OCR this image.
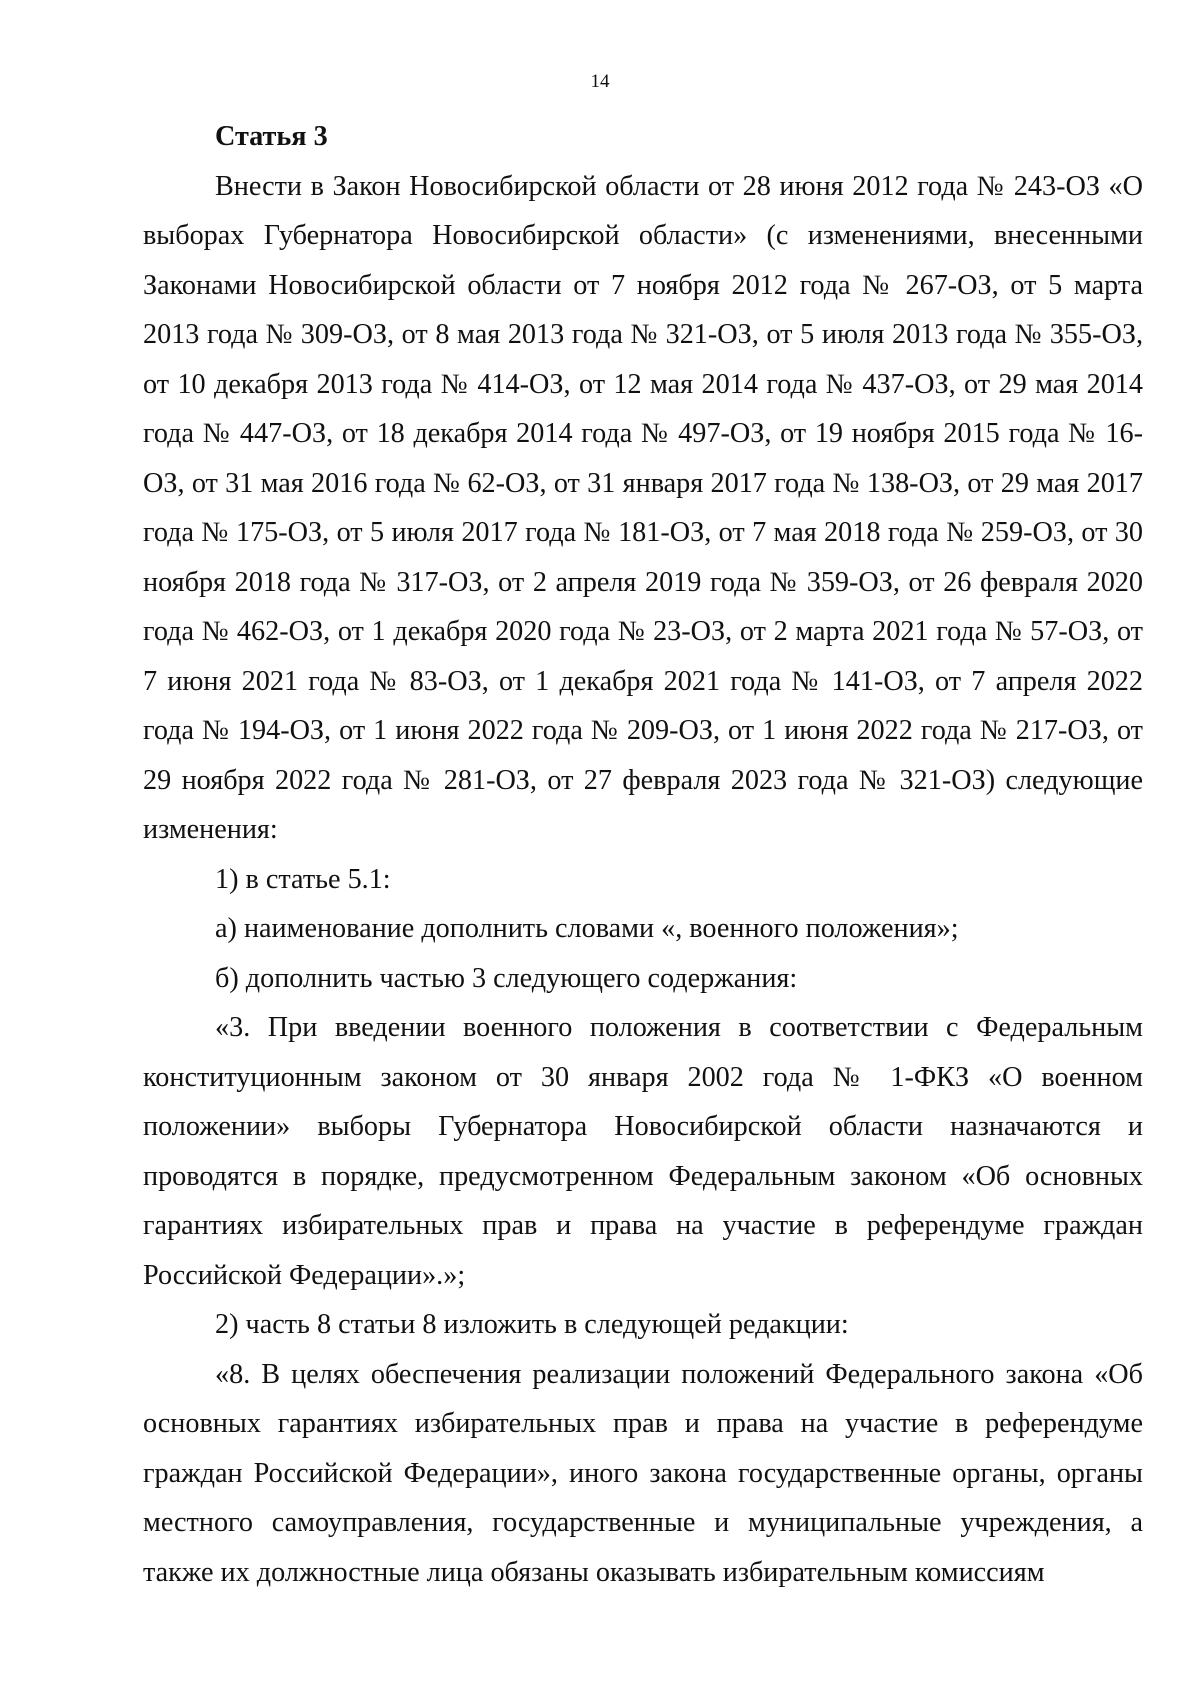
14

Статья 3

Внести в Закон Новосибирской области от 28 июня 2012 года № 243-ОЗ «О выборах Губернатора Новосибирской области» (с изменениями, внесенными Законами Новосибирской области от 7 ноября 2012 года № 267-ОЗ, от 5 марта 2013 года № 309-ОЗ, от 8 мая 2013 года № 321-ОЗ, от 5 июля 2013 года № 355-ОЗ, от 10 декабря 2013 года № 414-ОЗ, от 12 мая 2014 года № 437-ОЗ, от 29 мая 2014 года № 447-ОЗ, от 18 декабря 2014 года № 497-ОЗ, от 19 ноября 2015 года № 16-ОЗ, от 31 мая 2016 года № 62-ОЗ, от 31 января 2017 года № 138-ОЗ, от 29 мая 2017 года № 175-ОЗ, от 5 июля 2017 года № 181-ОЗ, от 7 мая 2018 года № 259-ОЗ, от 30 ноября 2018 года № 317-ОЗ, от 2 апреля 2019 года № 359-ОЗ, от 26 февраля 2020 года № 462-ОЗ, от 1 декабря 2020 года № 23-ОЗ, от 2 марта 2021 года № 57-ОЗ, от 7 июня 2021 года № 83-ОЗ, от 1 декабря 2021 года № 141-ОЗ, от 7 апреля 2022 года № 194-ОЗ, от 1 июня 2022 года № 209-ОЗ, от 1 июня 2022 года № 217-ОЗ, от 29 ноября 2022 года № 281-ОЗ, от 27 февраля 2023 года № 321-ОЗ) следующие изменения:

1) в статье 5.1:

а) наименование дополнить словами «, военного положения»;

б) дополнить частью 3 следующего содержания:

«3. При введении военного положения в соответствии с Федеральным конституционным законом от 30 января 2002 года № 1-ФКЗ «О военном положении» выборы Губернатора Новосибирской области назначаются и проводятся в порядке, предусмотренном Федеральным законом «Об основных гарантиях избирательных прав и права на участие в референдуме граждан Российской Федерации».»;

2) часть 8 статьи 8 изложить в следующей редакции:

«8. В целях обеспечения реализации положений Федерального закона «Об основных гарантиях избирательных прав и права на участие в референдуме граждан Российской Федерации», иного закона государственные органы, органы местного самоуправления, государственные и муниципальные учреждения, а также их должностные лица обязаны оказывать избирательным комиссиям
